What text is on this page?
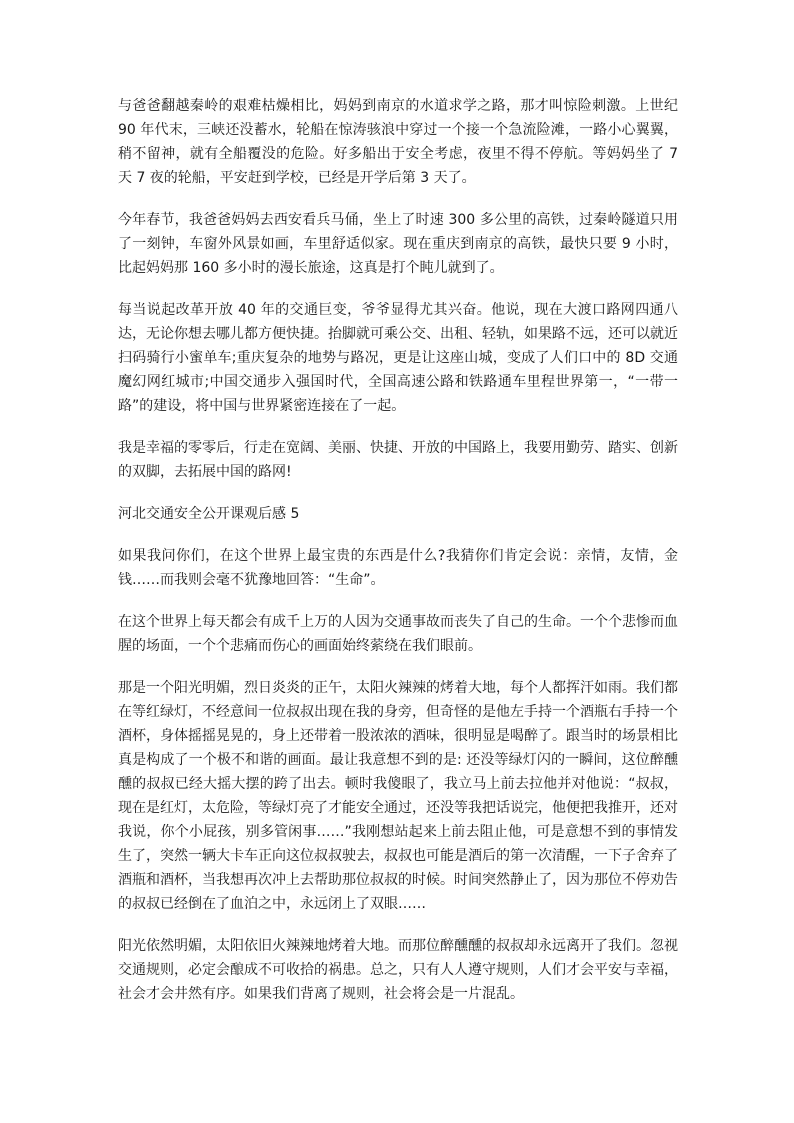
与爸爸翻越秦岭的艰难枯燥相比，妈妈到南京的水道求学之路，那才叫惊险刺激。上世纪 90 年代末，三峡还没蓄水，轮船在惊涛骇浪中穿过一个接一个急流险滩，一路小心翼翼，稍不留神，就有全船覆没的危险。好多船出于安全考虑，夜里不得不停航。等妈妈坐了 7 天 7 夜的轮船，平安赶到学校，已经是开学后第 3 天了。

今年春节，我爸爸妈妈去西安看兵马俑，坐上了时速 300 多公里的高铁，过秦岭隧道只用了一刻钟，车窗外风景如画，车里舒适似家。现在重庆到南京的高铁，最快只要 9 小时，比起妈妈那 160 多小时的漫长旅途，这真是打个盹儿就到了。

每当说起改革开放 40 年的交通巨变，爷爷显得尤其兴奋。他说，现在大渡口路网四通八达，无论你想去哪儿都方便快捷。抬脚就可乘公交、出租、轻轨，如果路不远，还可以就近扫码骑行小蜜单车;重庆复杂的地势与路况，更是让这座山城，变成了人们口中的 8D 交通魔幻网红城市;中国交通步入强国时代，全国高速公路和铁路通车里程世界第一，“一带一路”的建设，将中国与世界紧密连接在了一起。

我是幸福的零零后，行走在宽阔、美丽、快捷、开放的中国路上，我要用勤劳、踏实、创新的双脚，去拓展中国的路网!

河北交通安全公开课观后感 5

如果我问你们，在这个世界上最宝贵的东西是什么?我猜你们肯定会说：亲情，友情，金钱……而我则会毫不犹豫地回答：“生命”。

在这个世界上每天都会有成千上万的人因为交通事故而丧失了自己的生命。一个个悲惨而血腥的场面，一个个悲痛而伤心的画面始终萦绕在我们眼前。

那是一个阳光明媚，烈日炎炎的正午，太阳火辣辣的烤着大地，每个人都挥汗如雨。我们都在等红绿灯，不经意间一位叔叔出现在我的身旁，但奇怪的是他左手持一个酒瓶右手持一个酒杯，身体摇摇晃晃的，身上还带着一股浓浓的酒味，很明显是喝醉了。跟当时的场景相比真是构成了一个极不和谐的画面。最让我意想不到的是: 还没等绿灯闪的一瞬间，这位醉醺醺的叔叔已经大摇大摆的跨了出去。顿时我傻眼了，我立马上前去拉他并对他说：“叔叔，现在是红灯，太危险，等绿灯亮了才能安全通过，还没等我把话说完，他便把我推开，还对我说，你个小屁孩，别多管闲事……”我刚想站起来上前去阻止他，可是意想不到的事情发生了，突然一辆大卡车正向这位叔叔驶去，叔叔也可能是酒后的第一次清醒，一下子舍弃了酒瓶和酒杯，当我想再次冲上去帮助那位叔叔的时候。时间突然静止了，因为那位不停劝告的叔叔已经倒在了血泊之中，永远闭上了双眼……

阳光依然明媚，太阳依旧火辣辣地烤着大地。而那位醉醺醺的叔叔却永远离开了我们。忽视交通规则，必定会酿成不可收拾的祸患。总之，只有人人遵守规则，人们才会平安与幸福，社会才会井然有序。如果我们背离了规则，社会将会是一片混乱。
